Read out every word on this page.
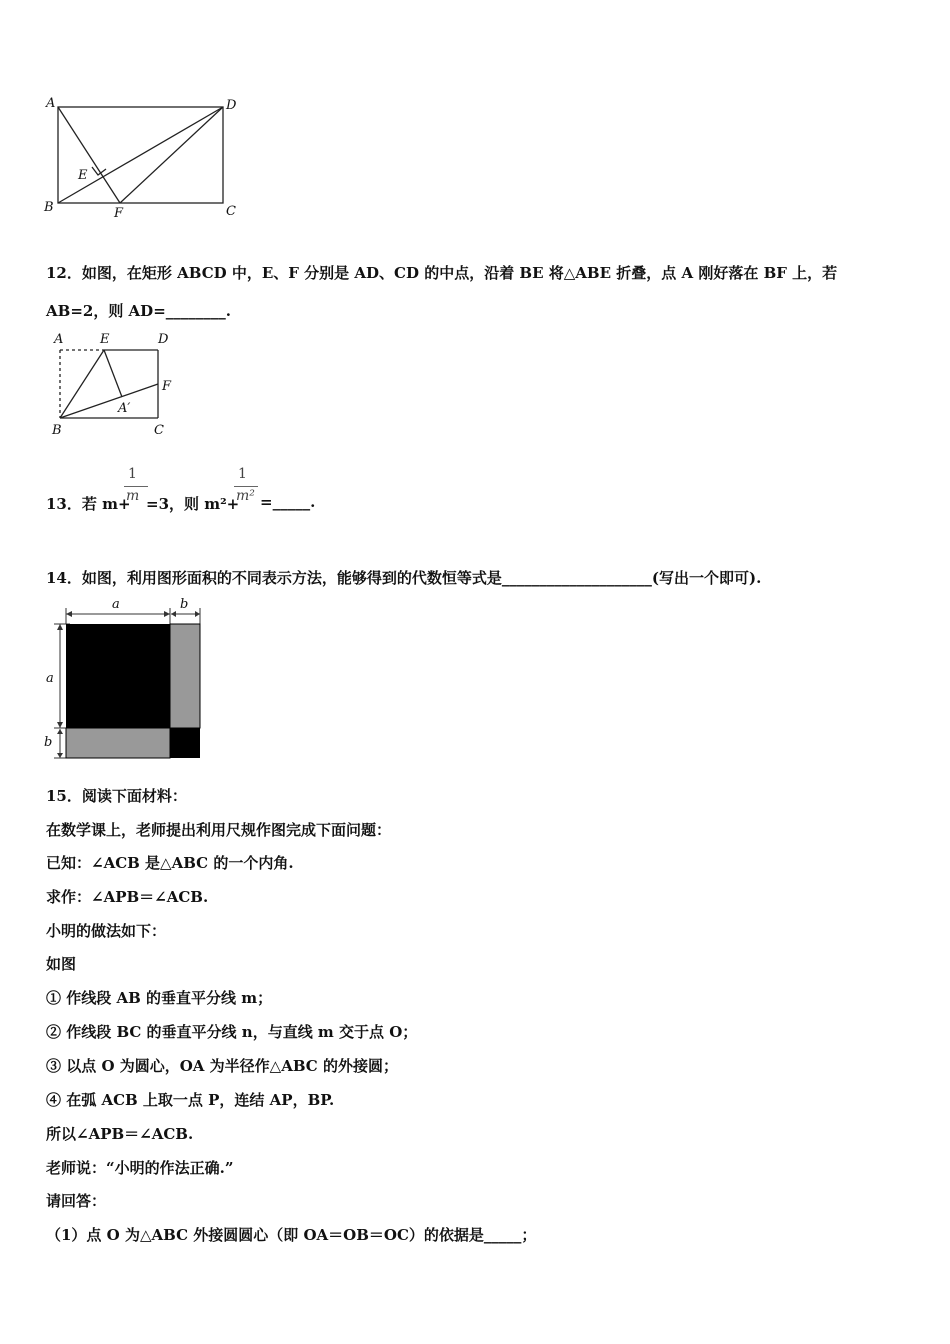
A	D
E
B	F	C
12．如图，在矩形 ABCD 中，E、F 分别是 AD、CD 的中点，沿着 BE 将△ABE 折叠，点 A 刚好落在 BF 上，若
AB=2，则 AD=________.
A	E	D
F
A′
B	C
13．若 m+
1
m =3，则 m²+
1
m² =_____.
14．如图，利用图形面积的不同表示方法，能够得到的代数恒等式是____________________(写出一个即可).
a	b
a
b
15．阅读下面材料：
在数学课上，老师提出利用尺规作图完成下面问题：
已知：∠ACB 是△ABC 的一个内角.
求作：∠APB＝∠ACB.
小明的做法如下：
如图
① 作线段 AB 的垂直平分线 m；
② 作线段 BC 的垂直平分线 n，与直线 m 交于点 O；
③ 以点 O 为圆心，OA 为半径作△ABC 的外接圆；
④ 在弧 ACB 上取一点 P，连结 AP，BP.
所以∠APB＝∠ACB.
老师说：“小明的作法正确.”
请回答：
（1）点 O 为△ABC 外接圆圆心（即 OA＝OB＝OC）的依据是_____；
